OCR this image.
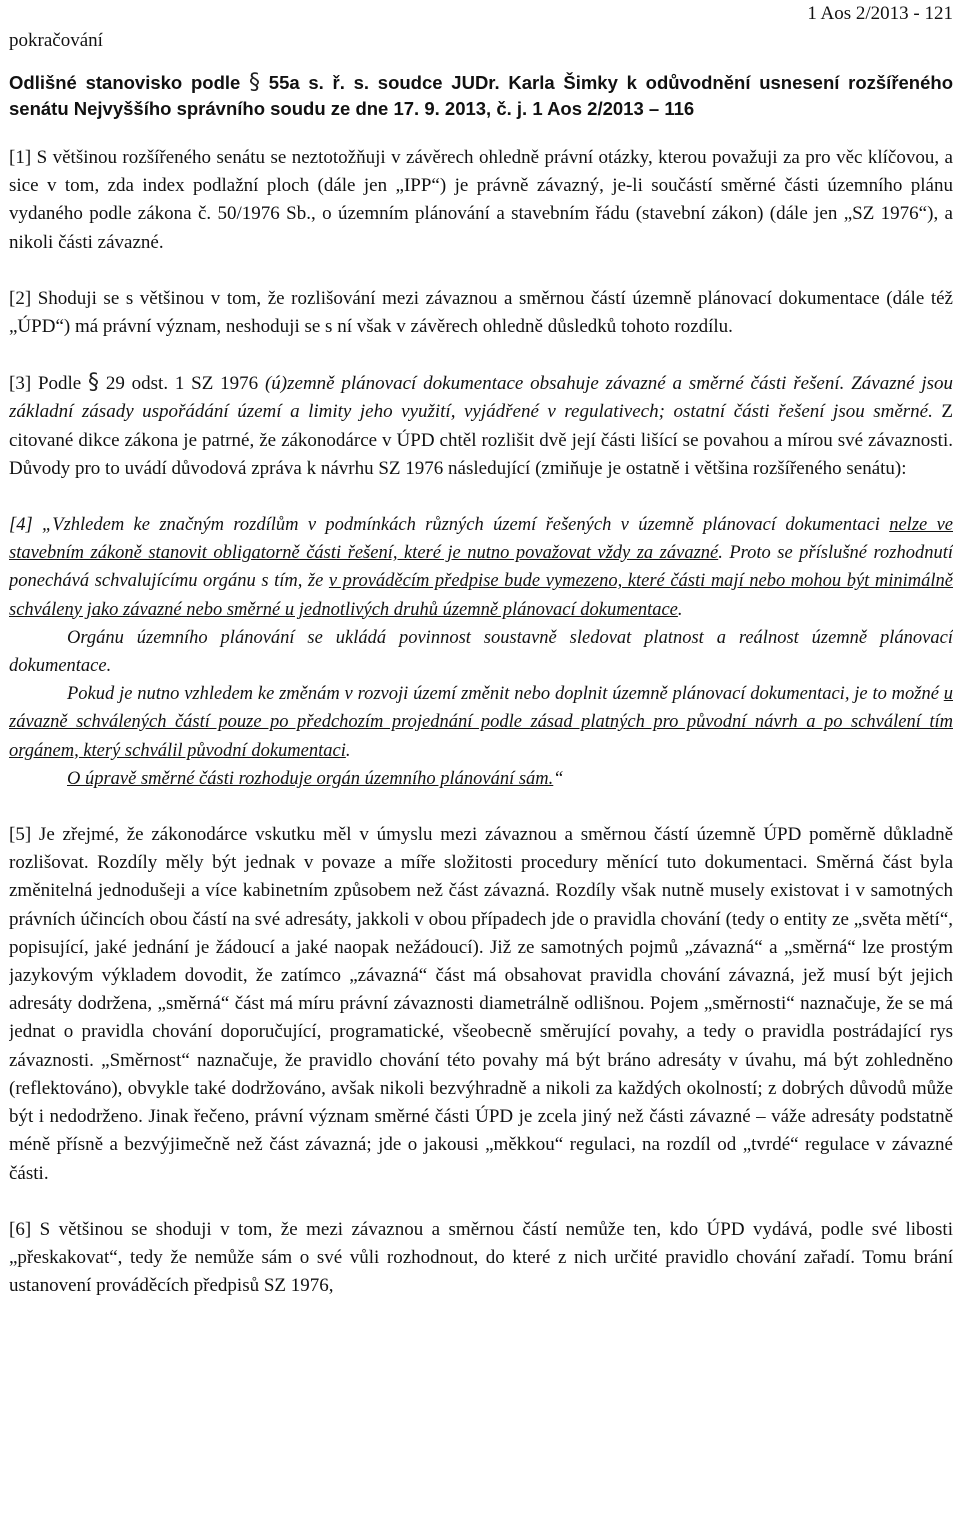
pokračování
1 Aos 2/2013 - 121

Odlišné stanovisko podle § 55a s. ř. s. soudce JUDr. Karla Šimky k odůvodnění usnesení rozšířeného senátu Nejvyššího správního soudu ze dne 17. 9. 2013, č. j. 1 Aos 2/2013 – 116

[1] S většinou rozšířeného senátu se neztotožňuji v závěrech ohledně právní otázky, kterou považuji za pro věc klíčovou, a sice v tom, zda index podlažní ploch (dále jen „IPP“) je právně závazný, je-li součástí směrné části územního plánu vydaného podle zákona č. 50/1976 Sb., o územním plánování a stavebním řádu (stavební zákon) (dále jen „SZ 1976“), a nikoli části závazné.

[2] Shoduji se s většinou v tom, že rozlišování mezi závaznou a směrnou částí územně plánovací dokumentace (dále též „ÚPD“) má právní význam, neshoduji se s ní však v závěrech ohledně důsledků tohoto rozdílu.

[3] Podle § 29 odst. 1 SZ 1976 (ú)zemně plánovací dokumentace obsahuje závazné a směrné části řešení. Závazné jsou základní zásady uspořádání území a limity jeho využití, vyjádřené v regulativech; ostatní části řešení jsou směrné. Z citované dikce zákona je patrné, že zákonodárce v ÚPD chtěl rozlišit dvě její části lišící se povahou a mírou své závaznosti. Důvody pro to uvádí důvodová zpráva k návrhu SZ 1976 následující (zmiňuje je ostatně i většina rozšířeného senátu):

[4] „Vzhledem ke značným rozdílům v podmínkách různých území řešených v územně plánovací dokumentaci nelze ve stavebním zákoně stanovit obligatorně části řešení, které je nutno považovat vždy za závazné. Proto se příslušné rozhodnutí ponechává schvalujícímu orgánu s tím, že v prováděcím předpise bude vymezeno, které části mají nebo mohou být minimálně schváleny jako závazné nebo směrné u jednotlivých druhů územně plánovací dokumentace.

Orgánu územního plánování se ukládá povinnost soustavně sledovat platnost a reálnost územně plánovací dokumentace.

Pokud je nutno vzhledem ke změnám v rozvoji území změnit nebo doplnit územně plánovací dokumentaci, je to možné u závazně schválených částí pouze po předchozím projednání podle zásad platných pro původní návrh a po schválení tím orgánem, který schválil původní dokumentaci.

O úpravě směrné části rozhoduje orgán územního plánování sám.“

[5] Je zřejmé, že zákonodárce vskutku měl v úmyslu mezi závaznou a směrnou částí územně ÚPD poměrně důkladně rozlišovat. Rozdíly měly být jednak v povaze a míře složitosti procedury měnící tuto dokumentaci. Směrná část byla změnitelná jednodušeji a více kabinetním způsobem než část závazná. Rozdíly však nutně musely existovat i v samotných právních účincích obou částí na své adresáty, jakkoli v obou případech jde o pravidla chování (tedy o entity ze „světa mětí“, popisující, jaké jednání je žádoucí a jaké naopak nežádoucí). Již ze samotných pojmů „závazná“ a „směrná“ lze prostým jazykovým výkladem dovodit, že zatímco „závazná“ část má obsahovat pravidla chování závazná, jež musí být jejich adresáty dodržena, „směrná“ část má míru právní závaznosti diametrálně odlišnou. Pojem „směrnosti“ naznačuje, že se má jednat o pravidla chování doporučující, programatické, všeobecně směrující povahy, a tedy o pravidla postrádající rys závaznosti. „Směrnost“ naznačuje, že pravidlo chování této povahy má být bráno adresáty v úvahu, má být zohledněno (reflektováno), obvykle také dodržováno, avšak nikoli bezvýhradně a nikoli za každých okolností; z dobrých důvodů může být i nedodrženo. Jinak řečeno, právní význam směrné části ÚPD je zcela jiný než části závazné – váže adresáty podstatně méně přísně a bezvýjimečně než část závazná; jde o jakousi „měkkou“ regulaci, na rozdíl od „tvrdé“ regulace v závazné části.

[6] S většinou se shoduji v tom, že mezi závaznou a směrnou částí nemůže ten, kdo ÚPD vydává, podle své libosti „přeskakovat“, tedy že nemůže sám o své vůli rozhodnout, do které z nich určité pravidlo chování zařadí. Tomu brání ustanovení prováděcích předpisů SZ 1976,
